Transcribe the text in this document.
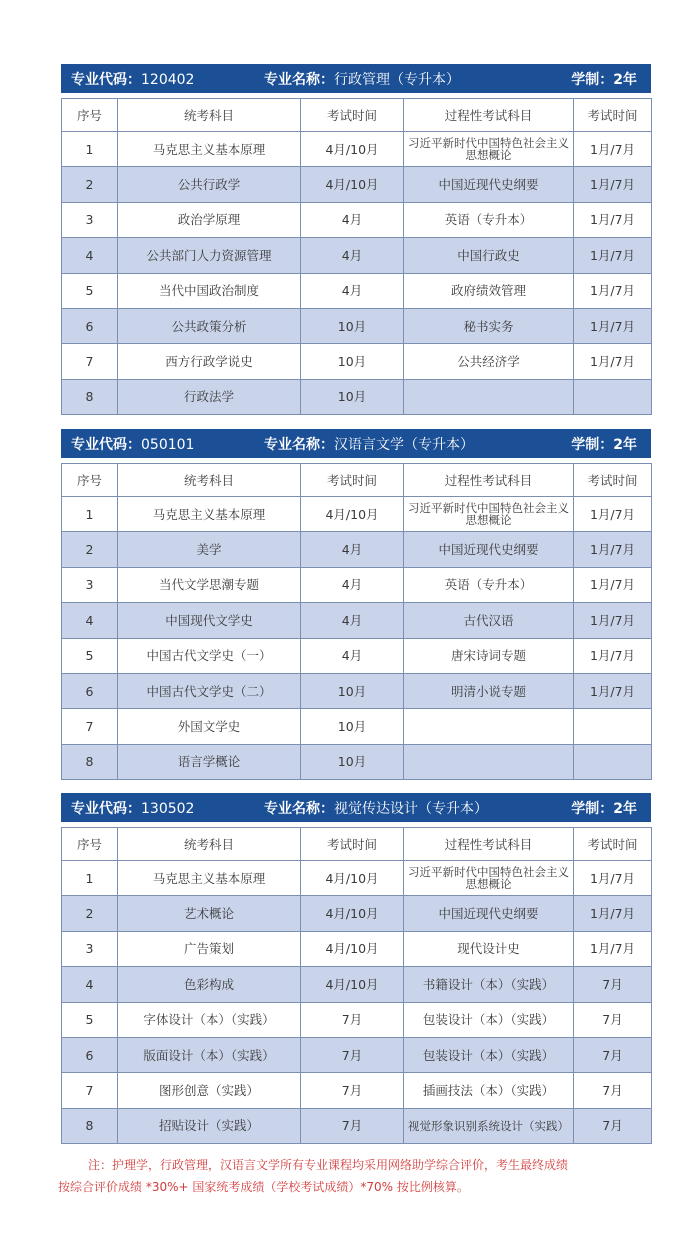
专业代码：120402	专业名称：行政管理（专升本）	学制：2年
序号	统考科目	考试时间	过程性考试科目	考试时间
1	马克思主义基本原理	4月/10月	习近平新时代中国特色社会主义思想概论	1月/7月
2	公共行政学	4月/10月	中国近现代史纲要	1月/7月
3	政治学原理	4月	英语（专升本）	1月/7月
4	公共部门人力资源管理	4月	中国行政史	1月/7月
5	当代中国政治制度	4月	政府绩效管理	1月/7月
6	公共政策分析	10月	秘书实务	1月/7月
7	西方行政学说史	10月	公共经济学	1月/7月
8	行政法学	10月		
专业代码：050101	专业名称：汉语言文学（专升本）	学制：2年
序号	统考科目	考试时间	过程性考试科目	考试时间
1	马克思主义基本原理	4月/10月	习近平新时代中国特色社会主义思想概论	1月/7月
2	美学	4月	中国近现代史纲要	1月/7月
3	当代文学思潮专题	4月	英语（专升本）	1月/7月
4	中国现代文学史	4月	古代汉语	1月/7月
5	中国古代文学史（一）	4月	唐宋诗词专题	1月/7月
6	中国古代文学史（二）	10月	明清小说专题	1月/7月
7	外国文学史	10月		
8	语言学概论	10月		
专业代码：130502	专业名称：视觉传达设计（专升本）	学制：2年
序号	统考科目	考试时间	过程性考试科目	考试时间
1	马克思主义基本原理	4月/10月	习近平新时代中国特色社会主义思想概论	1月/7月
2	艺术概论	4月/10月	中国近现代史纲要	1月/7月
3	广告策划	4月/10月	现代设计史	1月/7月
4	色彩构成	4月/10月	书籍设计（本）（实践）	7月
5	字体设计（本）（实践）	7月	包装设计（本）（实践）	7月
6	版面设计（本）（实践）	7月	包装设计（本）（实践）	7月
7	图形创意（实践）	7月	插画技法（本）（实践）	7月
8	招贴设计（实践）	7月	视觉形象识别系统设计（实践）	7月
注：护理学，行政管理，汉语言文学所有专业课程均采用网络助学综合评价，考生最终成绩
按综合评价成绩 *30%+ 国家统考成绩（学校考试成绩）*70% 按比例核算。
